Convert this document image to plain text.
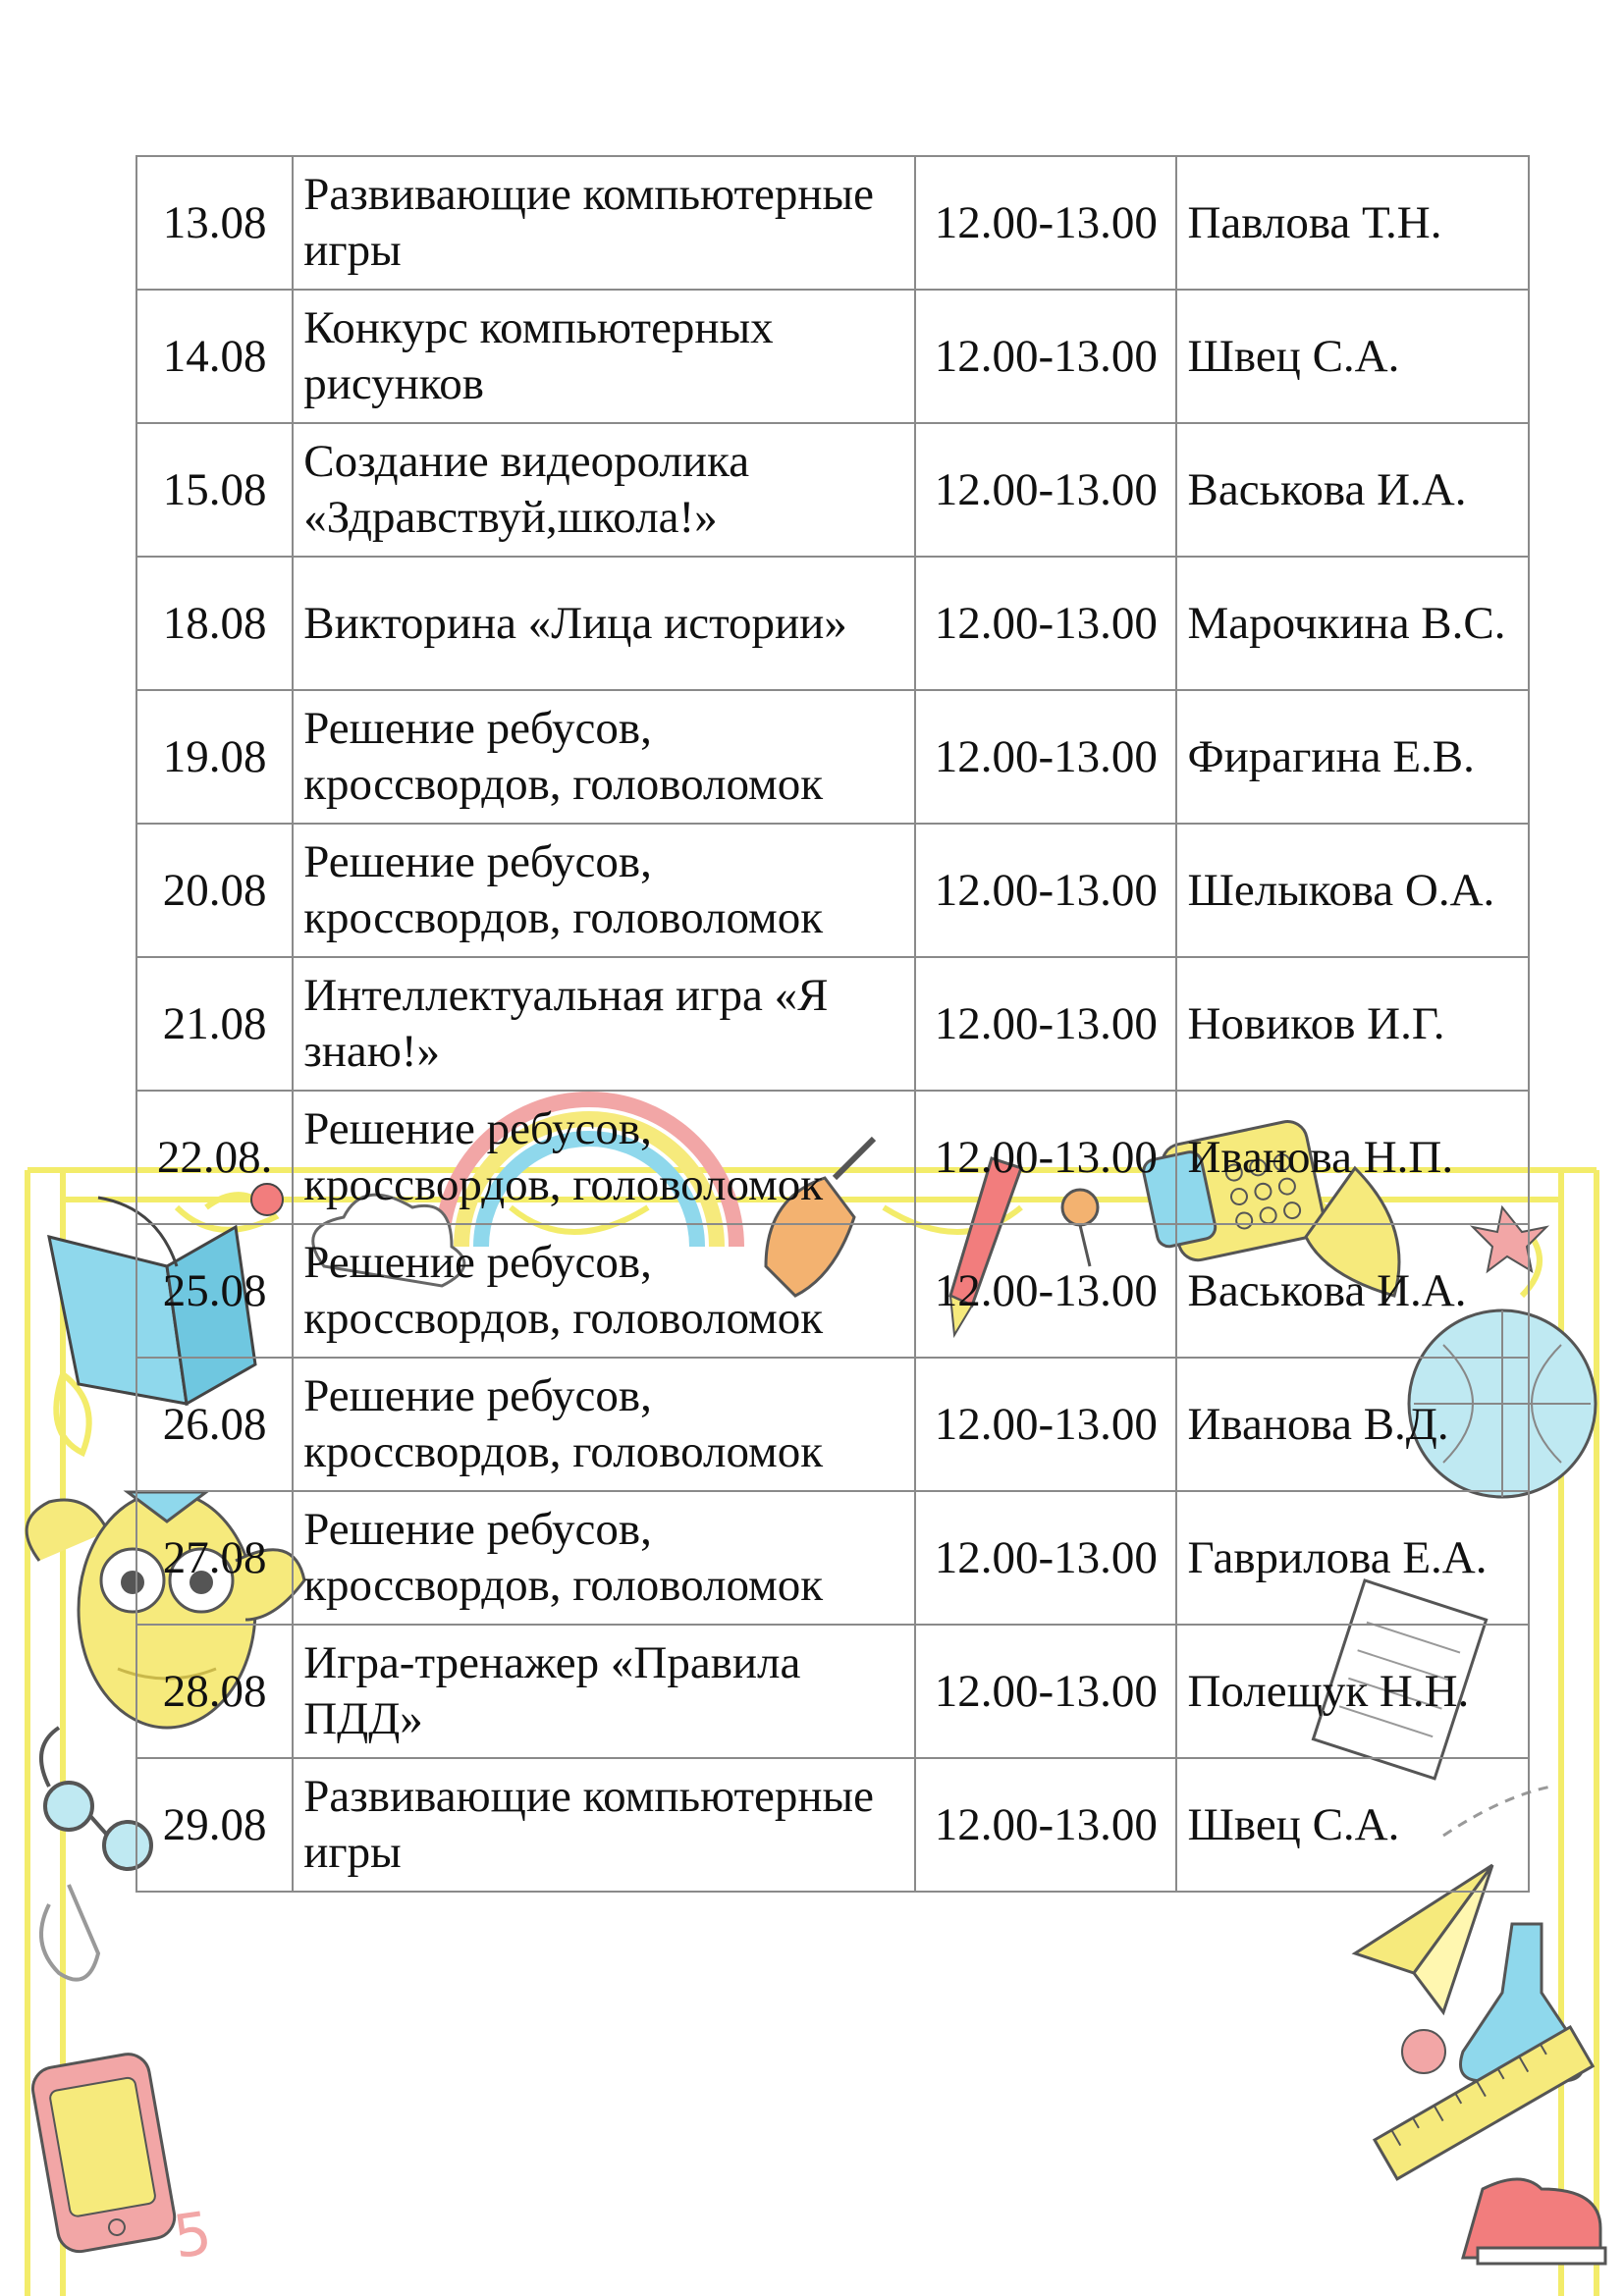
5
13.08	Развивающие компьютерные игры	12.00-13.00	Павлова Т.Н.
14.08	Конкурс компьютерных рисунков	12.00-13.00	Швец С.А.
15.08	Создание видеоролика «Здравствуй,школа!»	12.00-13.00	Васькова И.А.
18.08	Викторина «Лица истории»	12.00-13.00	Марочкина В.С.
19.08	Решение ребусов, кроссвордов, головоломок	12.00-13.00	Фирагина Е.В.
20.08	Решение ребусов, кроссвордов, головоломок	12.00-13.00	Шелыкова О.А.
21.08	Интеллектуальная игра «Я знаю!»	12.00-13.00	Новиков И.Г.
22.08.	Решение ребусов, кроссвордов, головоломок	12.00-13.00	Иванова Н.П.
25.08	Решение ребусов, кроссвордов, головоломок	12.00-13.00	Васькова И.А.
26.08	Решение ребусов, кроссвордов, головоломок	12.00-13.00	Иванова В.Д.
27.08	Решение ребусов, кроссвордов, головоломок	12.00-13.00	Гаврилова Е.А.
28.08	Игра-тренажер «Правила ПДД»	12.00-13.00	Полещук Н.Н.
29.08	Развивающие компьютерные игры	12.00-13.00	Швец С.А.
